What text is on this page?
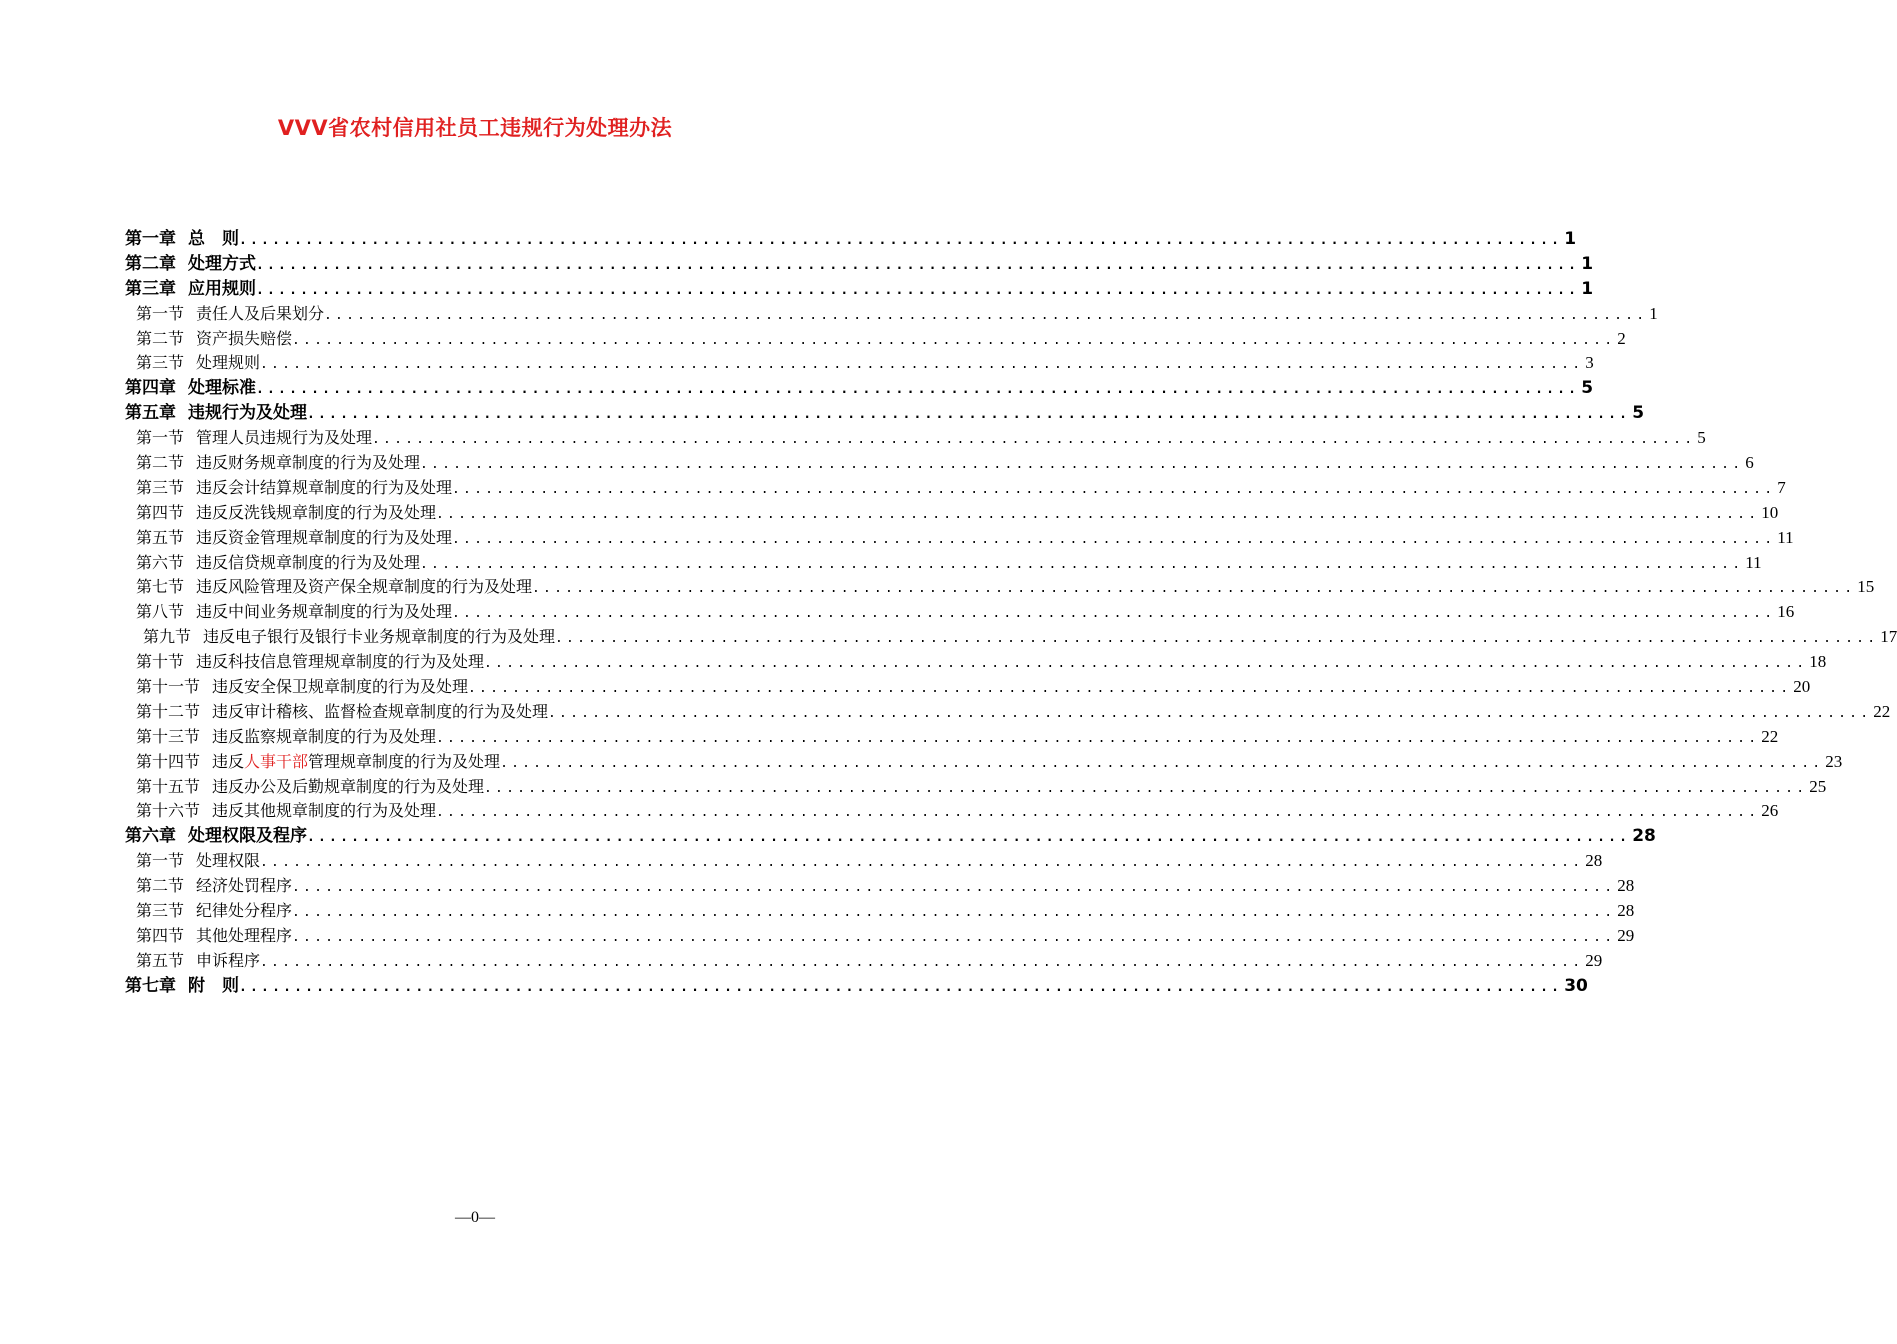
VVV省农村信用社员工违规行为处理办法
第一章 总　则 ........................................................................................................................ 1
第二章 处理方式 ........................................................................................................................ 1
第三章 应用规则 ........................................................................................................................ 1
第一节 责任人及后果划分 ........................................................................................................................ 1
第二节 资产损失赔偿 ........................................................................................................................ 2
第三节 处理规则 ........................................................................................................................ 3
第四章 处理标准 ........................................................................................................................ 5
第五章 违规行为及处理 ........................................................................................................................ 5
第一节 管理人员违规行为及处理 ........................................................................................................................ 5
第二节 违反财务规章制度的行为及处理 ........................................................................................................................ 6
第三节 违反会计结算规章制度的行为及处理 ........................................................................................................................ 7
第四节 违反反洗钱规章制度的行为及处理 ........................................................................................................................ 10
第五节 违反资金管理规章制度的行为及处理 ........................................................................................................................ 11
第六节 违反信贷规章制度的行为及处理 ........................................................................................................................ 11
第七节 违反风险管理及资产保全规章制度的行为及处理 ........................................................................................................................ 15
第八节 违反中间业务规章制度的行为及处理 ........................................................................................................................ 16
第九节 违反电子银行及银行卡业务规章制度的行为及处理 ........................................................................................................................ 17
第十节 违反科技信息管理规章制度的行为及处理 ........................................................................................................................ 18
第十一节 违反安全保卫规章制度的行为及处理 ........................................................................................................................ 20
第十二节 违反审计稽核、监督检查规章制度的行为及处理 ........................................................................................................................ 22
第十三节 违反监察规章制度的行为及处理 ........................................................................................................................ 22
第十四节 违反人事干部管理规章制度的行为及处理 ........................................................................................................................ 23
第十五节 违反办公及后勤规章制度的行为及处理 ........................................................................................................................ 25
第十六节 违反其他规章制度的行为及处理 ........................................................................................................................ 26
第六章 处理权限及程序 ........................................................................................................................ 28
第一节 处理权限 ........................................................................................................................ 28
第二节 经济处罚程序 ........................................................................................................................ 28
第三节 纪律处分程序 ........................................................................................................................ 28
第四节 其他处理程序 ........................................................................................................................ 29
第五节 申诉程序 ........................................................................................................................ 29
第七章 附　则 ........................................................................................................................ 30
—0—
